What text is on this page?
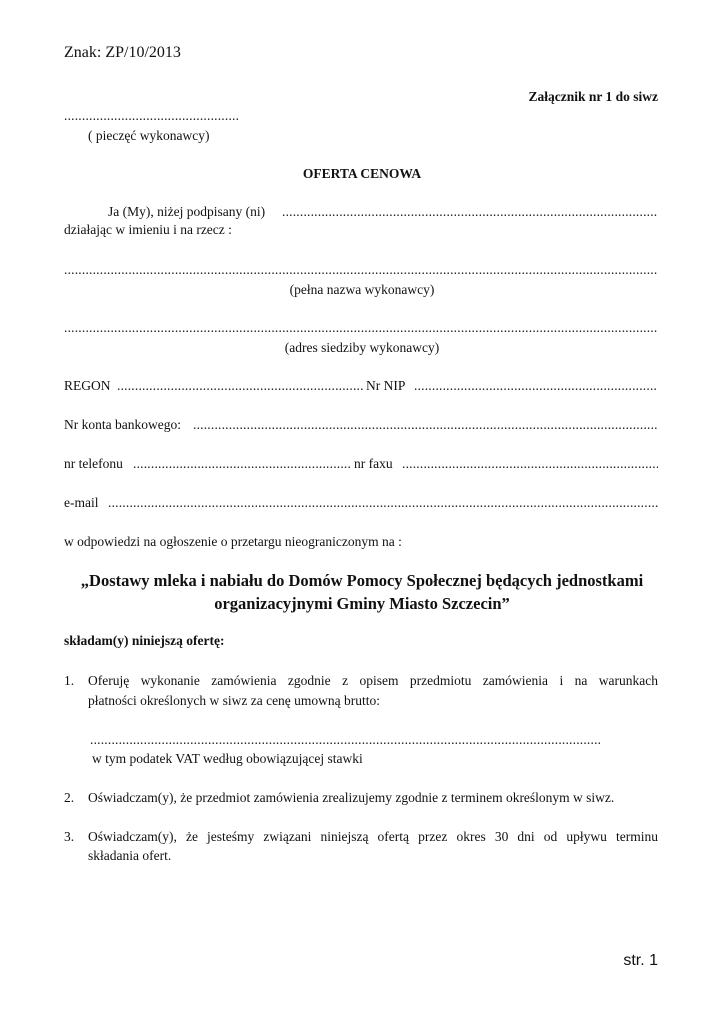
Znak: ZP/10/2013
Załącznik nr 1 do siwz
.....
( pieczęć wykonawcy)
OFERTA CENOWA
Ja (My), niżej podpisany (ni)
.....
działając w imieniu i na rzecz :
.....
(pełna nazwa wykonawcy)
.....
(adres siedziby wykonawcy)
REGON .....	Nr NIP
.....
Nr konta bankowego:
.....
nr telefonu .....	nr faxu
.....
e-mail
.....
w odpowiedzi na ogłoszenie o przetargu nieograniczonym na :
„Dostawy mleka i nabiału do Domów Pomocy Społecznej będących jednostkami
organizacyjnymi Gminy Miasto Szczecin”
składam(y) niniejszą ofertę:
1. Oferuję wykonanie zamówienia zgodnie z opisem przedmiotu zamówienia i na warunkach
płatności określonych w siwz za cenę umowną brutto:
.....
w tym podatek VAT według obowiązującej stawki
2. Oświadczam(y), że przedmiot zamówienia zrealizujemy zgodnie z terminem określonym w siwz.
3. Oświadczam(y), że jesteśmy związani niniejszą ofertą przez okres 30 dni od upływu terminu
składania ofert.
str. 1
